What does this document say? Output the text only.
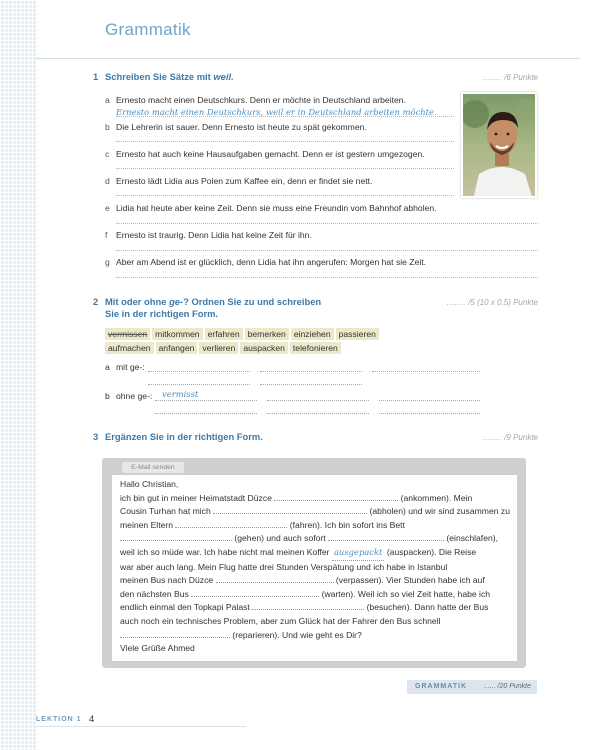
Grammatik
1 Schreiben Sie Sätze mit weil.	....... /6 Punkte
a Ernesto macht einen Deutschkurs. Denn er möchte in Deutschland arbeiten.
Ernesto macht einen Deutschkurs, weil er in Deutschland arbeiten möchte.
b Die Lehrerin ist sauer. Denn Ernesto ist heute zu spät gekommen.
c Ernesto hat auch keine Hausaufgaben gemacht. Denn er ist gestern umgezogen.
d Ernesto lädt Lidia aus Polen zum Kaffee ein, denn er findet sie nett.
e Lidia hat heute aber keine Zeit. Denn sie muss eine Freundin vom Bahnhof abholen.
f Ernesto ist traurig. Denn Lidia hat keine Zeit für ihn.
g Aber am Abend ist er glücklich, denn Lidia hat ihn angerufen: Morgen hat sie Zeit.
2 Mit oder ohne ge-? Ordnen Sie zu und schreiben
Sie in der richtigen Form.
....... /5 (10 x 0,5) Punkte
vermissen mitkommen erfahren bemerken einziehen passieren
aufmachen anfangen verlieren auspacken telefonieren
a mit ge-:
b ohne ge-: vermisst
3 Ergänzen Sie in der richtigen Form.	....... /9 Punkte
E-Mail senden
Hallo Christian,
ich bin gut in meiner Heimatstadt Düzce	(ankommen). Mein
Cousin Turhan hat mich	(abholen) und wir sind zusammen zu
meinen Eltern	(fahren). Ich bin sofort ins Bett
(gehen) und auch sofort	(einschlafen),
weil ich so müde war. Ich habe nicht mal meinen Koffer ausgepackt (auspacken). Die Reise
war aber auch lang. Mein Flug hatte drei Stunden Verspätung und ich habe in Istanbul
meinen Bus nach Düzce	(verpassen). Vier Stunden habe ich auf
den nächsten Bus	(warten). Weil ich so viel Zeit hatte, habe ich
endlich einmal den Topkapi Palast	(besuchen). Dann hatte der Bus
auch noch ein technisches Problem, aber zum Glück hat der Fahrer den Bus schnell
(reparieren). Und wie geht es Dir?
Viele Grüße Ahmed
GRAMMATIK ...... /20 Punkte
LEKTION 1 4
